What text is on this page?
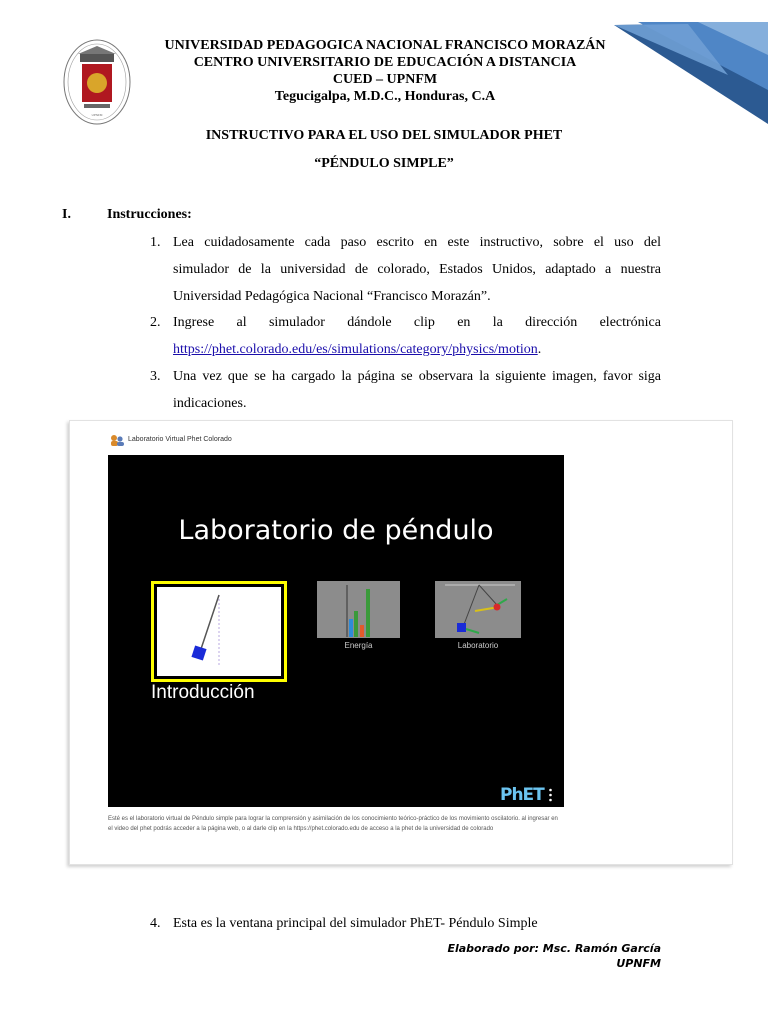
UPNFM
UNIVERSIDAD PEDAGOGICA NACIONAL FRANCISCO MORAZÁN
CENTRO UNIVERSITARIO DE EDUCACIÓN A DISTANCIA
CUED – UPNFM
Tegucigalpa, M.D.C., Honduras, C.A
INSTRUCTIVO PARA EL USO DEL SIMULADOR PHET
“PÉNDULO SIMPLE”
I.	Instrucciones:
1. Lea cuidadosamente cada paso escrito en este instructivo, sobre el uso del
simulador de la universidad de colorado, Estados Unidos, adaptado a nuestra
Universidad Pedagógica Nacional “Francisco Morazán”.
2. Ingrese al simulador dándole clip en la dirección electrónica
https://phet.colorado.edu/es/simulations/category/physics/motion.
3. Una vez que se ha cargado la página se observara la siguiente imagen, favor siga
indicaciones.
Laboratorio Virtual Phet Colorado
Laboratorio de péndulo
Introducción
Energía	Laboratorio
PhET
Esté es el laboratorio virtual de Péndulo simple para lograr la comprensión y asimilación de los conocimiento teórico-práctico de los movimiento oscilatorio. al ingresar en
el video del phet podrás acceder a la página web, o al darle clip en la https://phet.colorado.edu de acceso a la phet de la universidad de colorado
4. Esta es la ventana principal del simulador PhET- Péndulo Simple
Elaborado por: Msc. Ramón García
UPNFM
